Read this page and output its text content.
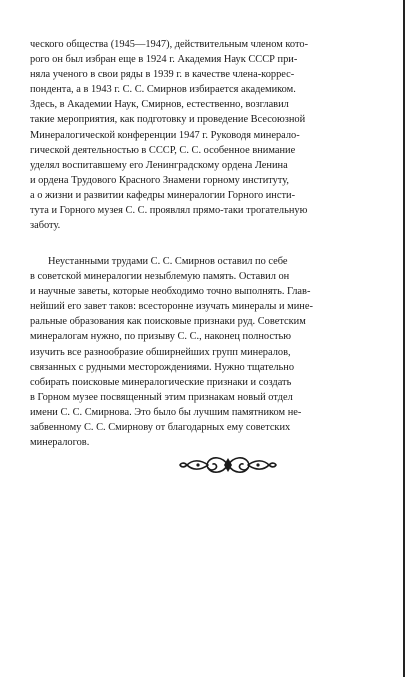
ческого общества (1945—1947), действительным членом кото-
рого он был избран еще в 1924 г. Академия Наук СССР при-
няла ученого в свои ряды в 1939 г. в качестве члена-коррес-
пондента, а в 1943 г. С. С. Смирнов избирается академиком.
Здесь, в Академии Наук, Смирнов, естественно, возглавил
такие мероприятия, как подготовку и проведение Всесоюзной
Минералогической конференции 1947 г. Руководя минерало-
гической деятельностью в СССР, С. С. особенное внимание
уделял воспитавшему его Ленинградскому ордена Ленина
и ордена Трудового Красного Знамени горному институту,
а о жизни и развитии кафедры минералогии Горного инсти-
тута и Горного музея С. С. проявлял прямо-таки трогательную
заботу.
Неустанными трудами С. С. Смирнов оставил по себе
в советской минералогии незыблемую память. Оставил он
и научные заветы, которые необходимо точно выполнять. Глав-
нейший его завет таков: всесторонне изучать минералы и мине-
ральные образования как поисковые признаки руд. Советским
минералогам нужно, по призыву С. С., наконец полностью
изучить все разнообразие обширнейших групп минералов,
связанных с рудными месторождениями. Нужно тщательно
собирать поисковые минералогические признаки и создать
в Горном музее посвященный этим признакам новый отдел
имени С. С. Смирнова. Это было бы лучшим памятником не-
забвенному С. С. Смирнову от благодарных ему советских
минералогов.
